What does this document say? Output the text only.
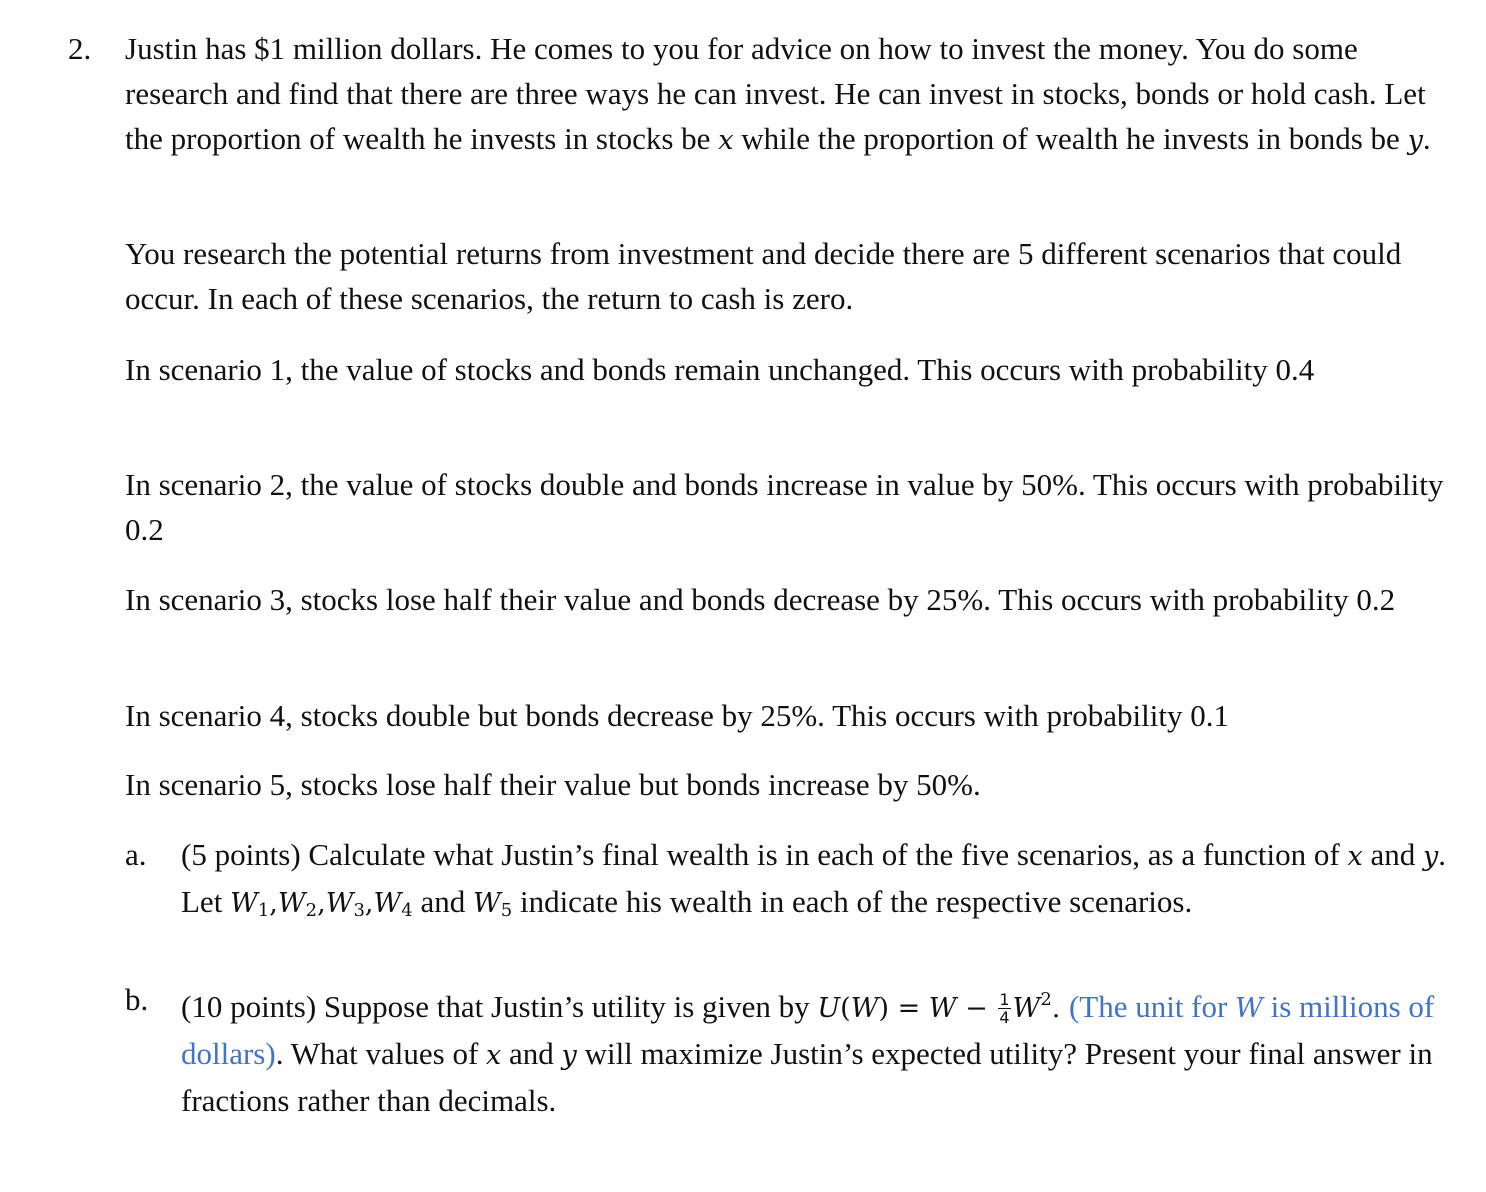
2. Justin has $1 million dollars. He comes to you for advice on how to invest the money. You do some research and find that there are three ways he can invest. He can invest in stocks, bonds or hold cash. Let the proportion of wealth he invests in stocks be x while the proportion of wealth he invests in bonds be y.
You research the potential returns from investment and decide there are 5 different scenarios that could occur. In each of these scenarios, the return to cash is zero.
In scenario 1, the value of stocks and bonds remain unchanged. This occurs with probability 0.4
In scenario 2, the value of stocks double and bonds increase in value by 50%. This occurs with probability 0.2
In scenario 3, stocks lose half their value and bonds decrease by 25%. This occurs with probability 0.2
In scenario 4, stocks double but bonds decrease by 25%. This occurs with probability 0.1
In scenario 5, stocks lose half their value but bonds increase by 50%.
a.	(5 points) Calculate what Justin’s final wealth is in each of the five scenarios, as a function of x and y. Let W1,W2,W3,W4 and W5 indicate his wealth in each of the respective scenarios.
b.	(10 points) Suppose that Justin’s utility is given by $U(W) = W - \frac{1}{4} W^2$. (The unit for W is millions of dollars). What values of x and y will maximize Justin’s expected utility? Present your final answer in fractions rather than decimals.
